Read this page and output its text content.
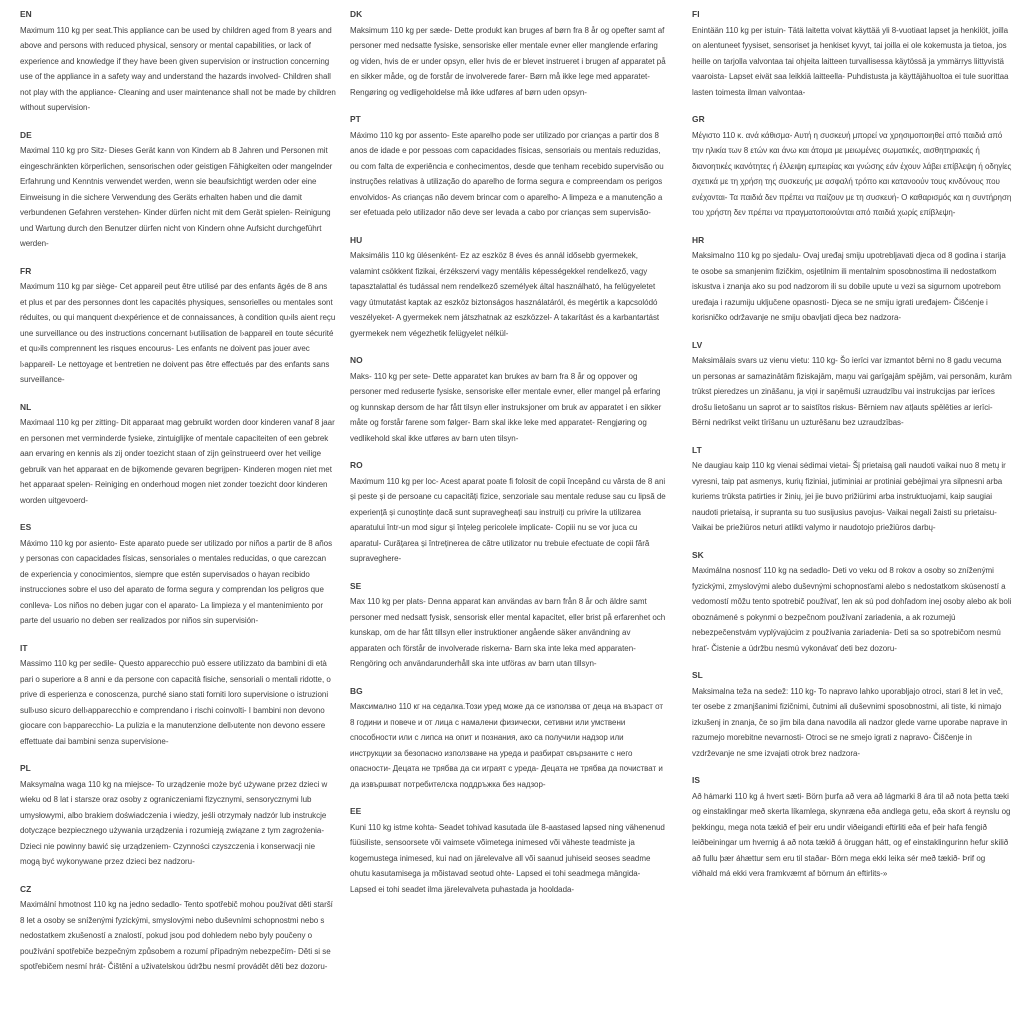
EN

Maximum 110 kg per seat.This appliance can be used by children aged from 8 years and above and persons with reduced physical, sensory or mental capabilities, or lack of experience and knowledge if they have been given supervision or instruction concerning use of the appliance in a safety way and understand the hazards involved- Children shall not play with the appliance- Cleaning and user maintenance shall not be made by children without supervision-

DE

Maximal 110 kg pro Sitz- Dieses Gerät kann von Kindern ab 8 Jahren und Personen mit eingeschränkten körperlichen, sensorischen oder geistigen Fähigkeiten oder mangelnder Erfahrung und Kenntnis verwendet werden, wenn sie beaufsichtigt werden oder eine Einweisung in die sichere Verwendung des Geräts erhalten haben und die damit verbundenen Gefahren verstehen- Kinder dürfen nicht mit dem Gerät spielen- Reinigung und Wartung durch den Benutzer dürfen nicht von Kindern ohne Aufsicht durchgeführt werden-

FR

Maximum 110 kg par siège- Cet appareil peut être utilisé par des enfants âgés de 8 ans et plus et par des personnes dont les capacités physiques, sensorielles ou mentales sont réduites, ou qui manquent d›expérience et de connaissances, à condition qu›ils aient reçu une surveillance ou des instructions concernant l›utilisation de l›appareil en toute sécurité et qu›ils comprennent les risques encourus- Les enfants ne doivent pas jouer avec l›appareil- Le nettoyage et l›entretien ne doivent pas être effectués par des enfants sans surveillance-

NL

Maximaal 110 kg per zitting- Dit apparaat mag gebruikt worden door kinderen vanaf 8 jaar en personen met verminderde fysieke, zintuiglijke of mentale capaciteiten of een gebrek aan ervaring en kennis als zij onder toezicht staan of zijn geïnstrueerd over het veilige gebruik van het apparaat en de bijkomende gevaren begrijpen- Kinderen mogen niet met het apparaat spelen- Reiniging en onderhoud mogen niet zonder toezicht door kinderen worden uitgevoerd-

ES

Máximo 110 kg por asiento- Este aparato puede ser utilizado por niños a partir de 8 años y personas con capacidades físicas, sensoriales o mentales reducidas, o que carezcan de experiencia y conocimientos, siempre que estén supervisados o hayan recibido instrucciones sobre el uso del aparato de forma segura y comprendan los peligros que conlleva- Los niños no deben jugar con el aparato- La limpieza y el mantenimiento por parte del usuario no deben ser realizados por niños sin supervisión-

IT

Massimo 110 kg per sedile- Questo apparecchio può essere utilizzato da bambini di età pari o superiore a 8 anni e da persone con capacità fisiche, sensoriali o mentali ridotte, o prive di esperienza e conoscenza, purché siano stati forniti loro supervisione o istruzioni sull›uso sicuro dell›apparecchio e comprendano i rischi coinvolti- I bambini non devono giocare con l›apparecchio- La pulizia e la manutenzione dell›utente non devono essere effettuate dai bambini senza supervisione-

PL

Maksymalna waga 110 kg na miejsce- To urządzenie może być używane przez dzieci w wieku od 8 lat i starsze oraz osoby z ograniczeniami fizycznymi, sensorycznymi lub umysłowymi, albo brakiem doświadczenia i wiedzy, jeśli otrzymały nadzór lub instrukcje dotyczące bezpiecznego używania urządzenia i rozumieją związane z tym zagrożenia- Dzieci nie powinny bawić się urządzeniem- Czynności czyszczenia i konserwacji nie mogą być wykonywane przez dzieci bez nadzoru-

CZ

Maximální hmotnost 110 kg na jedno sedadlo- Tento spotřebič mohou používat děti starší 8 let a osoby se sníženými fyzickými, smyslovými nebo duševními schopnostmi nebo s nedostatkem zkušeností a znalostí, pokud jsou pod dohledem nebo byly poučeny o používání spotřebiče bezpečným způsobem a rozumí případným nebezpečím- Děti si se spotřebičem nesmí hrát- Čištění a uživatelskou údržbu nesmí provádět děti bez dozoru-

DK

Maksimum 110 kg per sæde- Dette produkt kan bruges af børn fra 8 år og opefter samt af personer med nedsatte fysiske, sensoriske eller mentale evner eller manglende erfaring og viden, hvis de er under opsyn, eller hvis de er blevet instrueret i brugen af apparatet på en sikker måde, og de forstår de involverede farer- Børn må ikke lege med apparatet- Rengøring og vedligeholdelse må ikke udføres af børn uden opsyn-

PT

Máximo 110 kg por assento- Este aparelho pode ser utilizado por crianças a partir dos 8 anos de idade e por pessoas com capacidades físicas, sensoriais ou mentais reduzidas, ou com falta de experiência e conhecimentos, desde que tenham recebido supervisão ou instruções relativas à utilização do aparelho de forma segura e compreendam os perigos envolvidos- As crianças não devem brincar com o aparelho- A limpeza e a manutenção a ser efetuada pelo utilizador não deve ser levada a cabo por crianças sem supervisão-

HU

Maksimális 110 kg ülésenként- Ez az eszköz 8 éves és annál idősebb gyermekek, valamint csökkent fizikai, érzékszervi vagy mentális képességekkel rendelkező, vagy tapasztalattal és tudással nem rendelkező személyek által használható, ha felügyeletet vagy útmutatást kaptak az eszköz biztonságos használatáról, és megértik a kapcsolódó veszélyeket- A gyermekek nem játszhatnak az eszközzel- A takarítást és a karbantartást gyermekek nem végezhetik felügyelet nélkül-

NO

Maks- 110 kg per sete- Dette apparatet kan brukes av barn fra 8 år og oppover og personer med reduserte fysiske, sensoriske eller mentale evner, eller mangel på erfaring og kunnskap dersom de har fått tilsyn eller instruksjoner om bruk av apparatet i en sikker måte og forstår farene som følger- Barn skal ikke leke med apparatet- Rengjøring og vedlikehold skal ikke utføres av barn uten tilsyn-

RO

Maximum 110 kg per loc- Acest aparat poate fi folosit de copii începând cu vârsta de 8 ani și peste și de persoane cu capacități fizice, senzoriale sau mentale reduse sau cu lipsă de experiență și cunoștințe dacă sunt supravegheați sau instruiți cu privire la utilizarea aparatului într-un mod sigur și înțeleg pericolele implicate- Copiii nu se vor juca cu aparatul- Curățarea și întreținerea de către utilizator nu trebuie efectuate de copii fără supraveghere-

SE

Max 110 kg per plats- Denna apparat kan användas av barn från 8 år och äldre samt personer med nedsatt fysisk, sensorisk eller mental kapacitet, eller brist på erfarenhet och kunskap, om de har fått tillsyn eller instruktioner angående säker användning av apparaten och förstår de involverade riskerna- Barn ska inte leka med apparaten- Rengöring och användarunderhåll ska inte utföras av barn utan tillsyn-

BG

Максимално 110 кг на седалка.Този уред може да се използва от деца на възраст от 8 години и повече и от лица с намалени физически, сетивни или умствени способности или с липса на опит и познания, ако са получили надзор или инструкции за безопасно използване на уреда и разбират свързаните с него опасности- Децата не трябва да си играят с уреда- Децата не трябва да почистват и да извършват потребителска поддръжка без надзор-

EE

Kuni 110 kg istme kohta- Seadet tohivad kasutada üle 8-aastased lapsed ning vähenenud füüsiliste, sensoorsete või vaimsete võimetega inimesed või väheste teadmiste ja kogemustega inimesed, kui nad on järelevalve all või saanud juhiseid seoses seadme ohutu kasutamisega ja mõistavad seotud ohte- Lapsed ei tohi seadmega mängida- Lapsed ei tohi seadet ilma järelevalveta puhastada ja hooldada-

FI

Enintään 110 kg per istuin- Tätä laitetta voivat käyttää yli 8-vuotiaat lapset ja henkilöt, joilla on alentuneet fyysiset, sensoriset ja henkiset kyvyt, tai joilla ei ole kokemusta ja tietoa, jos heille on tarjolla valvontaa tai ohjeita laitteen turvallisessa käytössä ja ymmärrys liittyvistä vaaroista- Lapset eivät saa leikkiä laitteella- Puhdistusta ja käyttäjähuoltoa ei tule suorittaa lasten toimesta ilman valvontaa-

GR

Μέγιστο 110 κ. ανά κάθισμα- Αυτή η συσκευή μπορεί να χρησιμοποιηθεί από παιδιά από την ηλικία των 8 ετών και άνω και άτομα με μειωμένες σωματικές, αισθητηριακές ή διανοητικές ικανότητες ή έλλειψη εμπειρίας και γνώσης εάν έχουν λάβει επίβλεψη ή οδηγίες σχετικά με τη χρήση της συσκευής με ασφαλή τρόπο και κατανοούν τους κινδύνους που ενέχονται- Τα παιδιά δεν πρέπει να παίζουν με τη συσκευή- Ο καθαρισμός και η συντήρηση του χρήστη δεν πρέπει να πραγματοποιούνται από παιδιά χωρίς επίβλεψη-

HR

Maksimalno 110 kg po sjedalu- Ovaj uređaj smiju upotrebljavati djeca od 8 godina i starija te osobe sa smanjenim fizičkim, osjetilnim ili mentalnim sposobnostima ili nedostatkom iskustva i znanja ako su pod nadzorom ili su dobile upute u vezi sa sigurnom upotrebom uređaja i razumiju uključene opasnosti- Djeca se ne smiju igrati uređajem- Čišćenje i korisničko održavanje ne smiju obavljati djeca bez nadzora-

LV

Maksimālais svars uz vienu vietu: 110 kg- Šo ierīci var izmantot bērni no 8 gadu vecuma un personas ar samazinātām fiziskajām, maņu vai garīgajām spējām, vai personām, kurām trūkst pieredzes un zināšanu, ja viņi ir saņēmuši uzraudzību vai instrukcijas par ierīces drošu lietošanu un saprot ar to saistītos riskus- Bērniem nav atļauts spēlēties ar ierīci- Bērni nedrīkst veikt tīrīšanu un uzturēšanu bez uzraudzības-

LT

Ne daugiau kaip 110 kg vienai sėdimai vietai- Šį prietaisą gali naudoti vaikai nuo 8 metų ir vyresni, taip pat asmenys, kurių fiziniai, jutiminiai ar protiniai gebėjimai yra silpnesni arba kuriems trūksta patirties ir žinių, jei jie buvo prižiūrimi arba instruktuojami, kaip saugiai naudoti prietaisą, ir supranta su tuo susijusius pavojus- Vaikai negali žaisti su prietaisu- Vaikai be priežiūros neturi atlikti valymo ir naudotojo priežiūros darbų-

SK

Maximálna nosnosť 110 kg na sedadlo- Deti vo veku od 8 rokov a osoby so zníženými fyzickými, zmyslovými alebo duševnými schopnosťami alebo s nedostatkom skúseností a vedomostí môžu tento spotrebič používať, len ak sú pod dohľadom inej osoby alebo ak boli oboznámené s pokynmi o bezpečnom používaní zariadenia, a ak rozumejú nebezpečenstvám vyplývajúcim z používania zariadenia- Deti sa so spotrebičom nesmú hrať- Čistenie a údržbu nesmú vykonávať deti bez dozoru-

SL

Maksimalna teža na sedež: 110 kg- To napravo lahko uporabljajo otroci, stari 8 let in več, ter osebe z zmanjšanimi fizičnimi, čutnimi ali duševnimi sposobnostmi, ali tiste, ki nimajo izkušenj in znanja, če so jim bila dana navodila ali nadzor glede varne uporabe naprave in razumejo morebitne nevarnosti- Otroci se ne smejo igrati z napravo- Čiščenje in vzdrževanje ne sme izvajati otrok brez nadzora-

IS

Að hámarki 110 kg á hvert sæti- Börn þurfa að vera að lágmarki 8 ára til að nota þetta tæki og einstaklingar með skerta líkamlega, skynræna eða andlega getu, eða skort á reynslu og þekkingu, mega nota tækið ef þeir eru undir viðeigandi eftirliti eða ef þeir hafa fengið leiðbeiningar um hvernig á að nota tækið á öruggan hátt, og ef einstaklingurinn hefur skilið að fullu þær áhættur sem eru til staðar- Börn mega ekki leika sér með tækið- Þrif og viðhald má ekki vera framkvæmt af börnum án eftirlits-»
